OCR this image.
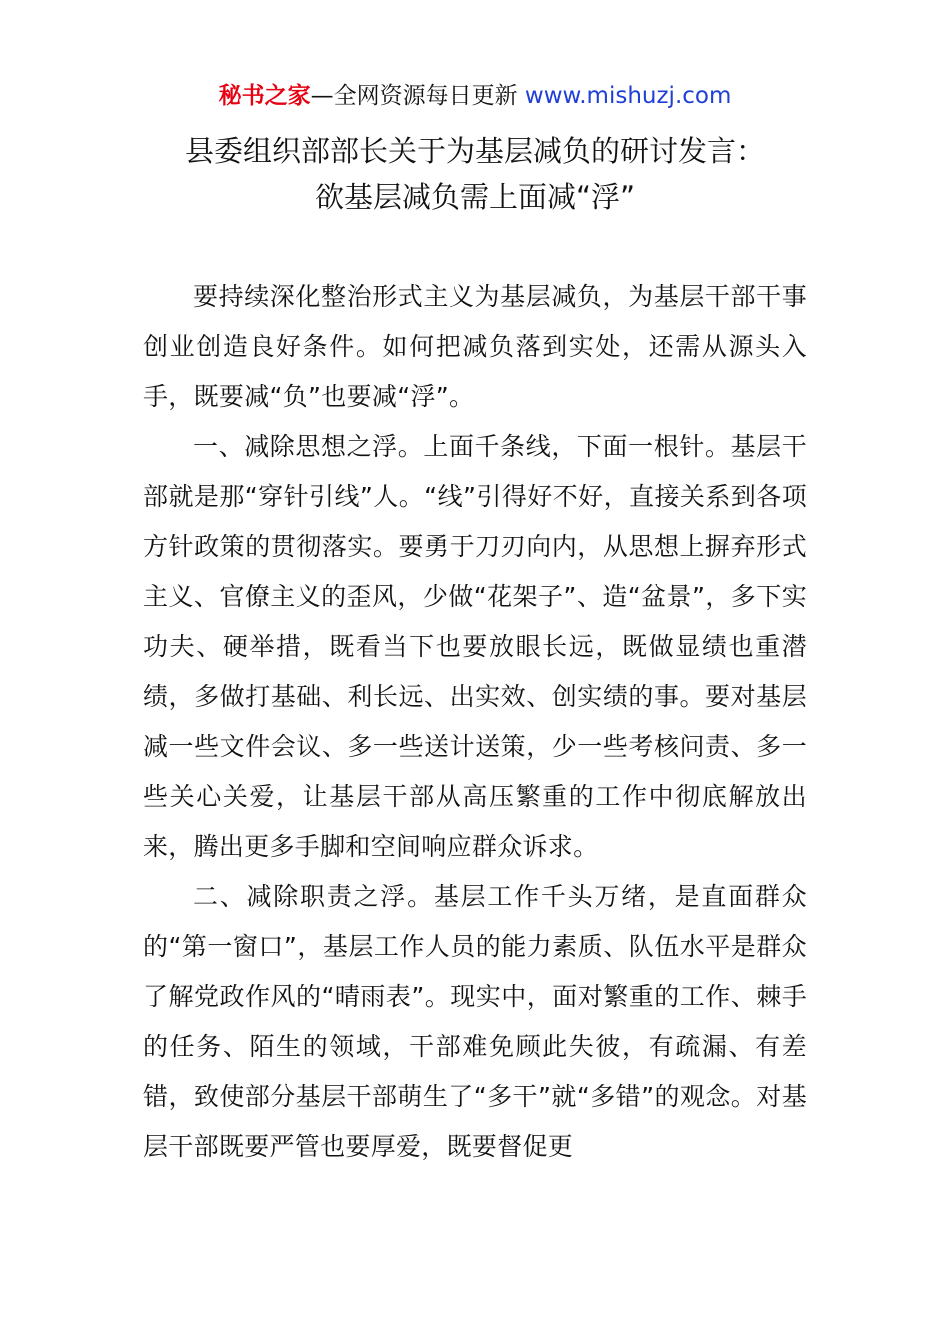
秘书之家—全网资源每日更新 www.mishuzj.com
县委组织部部长关于为基层减负的研讨发言：
欲基层减负需上面减“浮”

要持续深化整治形式主义为基层减负，为基层干部干事创业创造良好条件。如何把减负落到实处，还需从源头入手，既要减“负”也要减“浮”。

一、减除思想之浮。上面千条线，下面一根针。基层干部就是那“穿针引线”人。“线”引得好不好，直接关系到各项方针政策的贯彻落实。要勇于刀刃向内，从思想上摒弃形式主义、官僚主义的歪风，少做“花架子”、造“盆景”，多下实功夫、硬举措，既看当下也要放眼长远，既做显绩也重潜绩，多做打基础、利长远、出实效、创实绩的事。要对基层减一些文件会议、多一些送计送策，少一些考核问责、多一些关心关爱，让基层干部从高压繁重的工作中彻底解放出来，腾出更多手脚和空间响应群众诉求。

二、减除职责之浮。基层工作千头万绪，是直面群众的“第一窗口”，基层工作人员的能力素质、队伍水平是群众了解党政作风的“晴雨表”。现实中，面对繁重的工作、棘手的任务、陌生的领域，干部难免顾此失彼，有疏漏、有差错，致使部分基层干部萌生了“多干”就“多错”的观念。对基层干部既要严管也要厚爱，既要督促更
